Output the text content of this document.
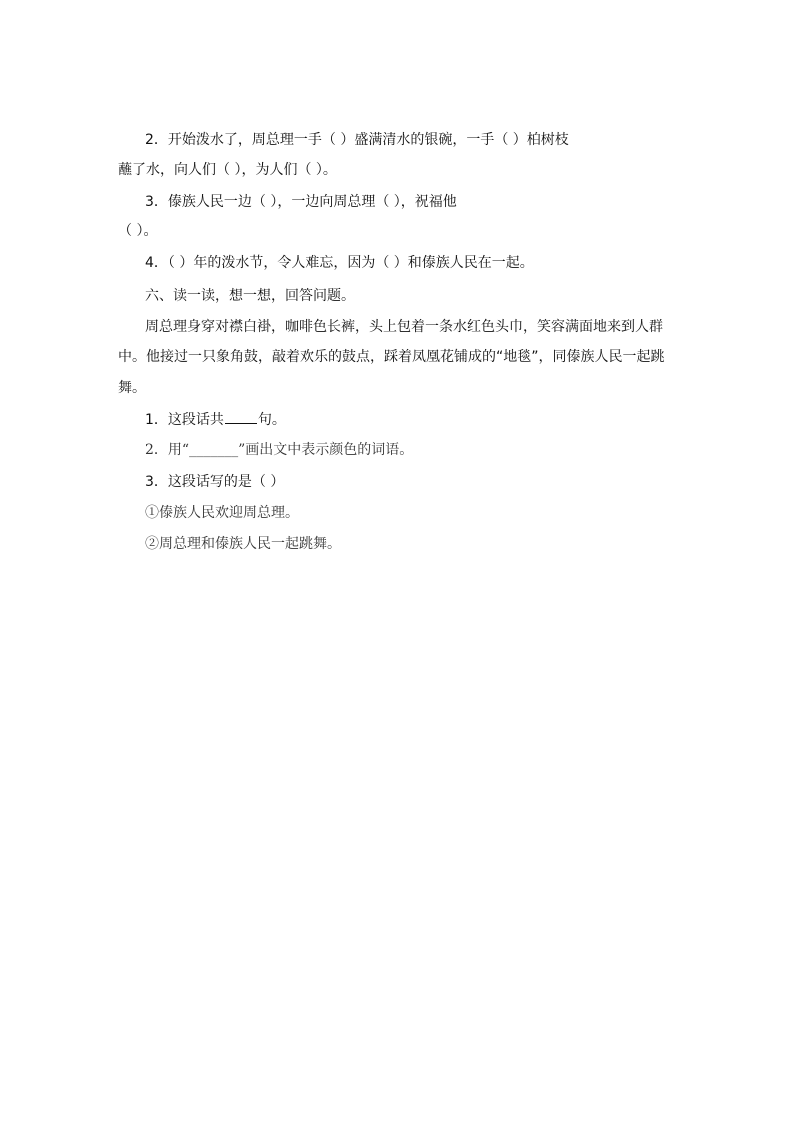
2．开始泼水了，周总理一手（ ）盛满清水的银碗，一手（ ）柏树枝
蘸了水，向人们（ ），为人们（ ）。
3．傣族人民一边（ ），一边向周总理（ ），祝福他
（ ）。
4．（ ）年的泼水节，令人难忘，因为（ ）和傣族人民在一起。
六、读一读，想一想，回答问题。
周总理身穿对襟白褂，咖啡色长裤，头上包着一条水红色头巾，笑容满面地来到人群
中。他接过一只象角鼓，敲着欢乐的鼓点，踩着凤凰花铺成的“地毯”，同傣族人民一起跳
舞。
1．这段话共 句。
2．用“_______”画出文中表示颜色的词语。
3．这段话写的是（ ）
①傣族人民欢迎周总理。
②周总理和傣族人民一起跳舞。
